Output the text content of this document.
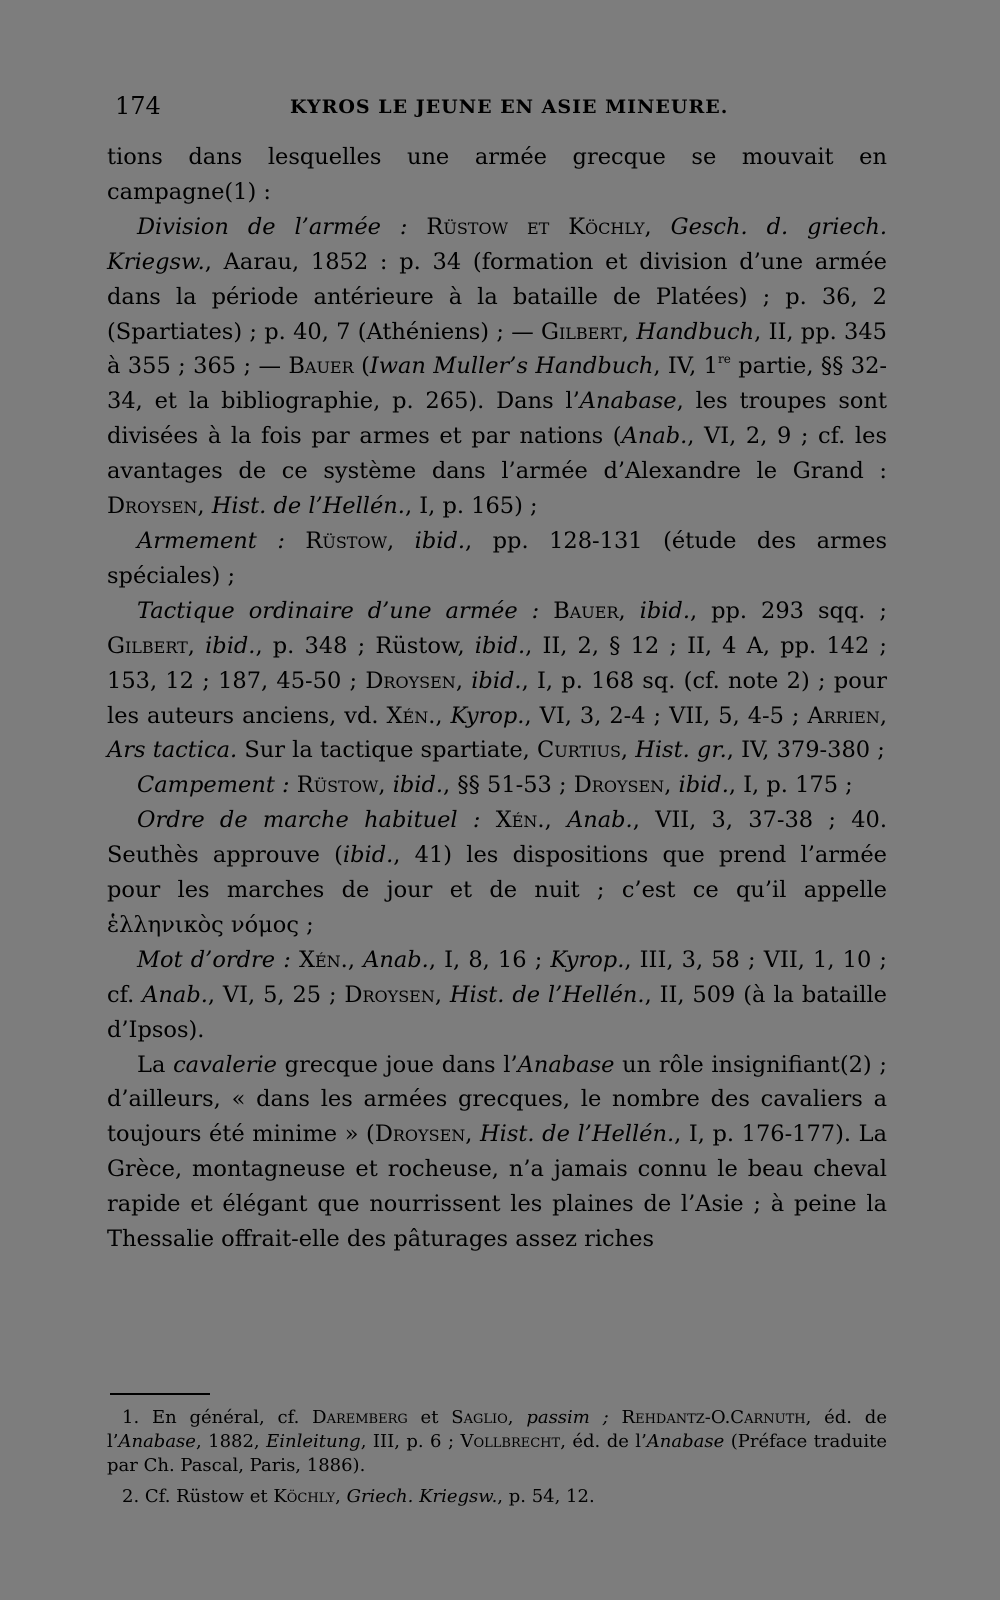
174	KYROS LE JEUNE EN ASIE MINEURE.

tions dans lesquelles une armée grecque se mouvait en campagne(1) :

Division de l’armée : Rüstow et Köchly, Gesch. d. griech. Kriegsw., Aarau, 1852 : p. 34 (formation et division d’une armée dans la période antérieure à la bataille de Platées) ; p. 36, 2 (Spartiates) ; p. 40, 7 (Athéniens) ; — Gilbert, Handbuch, II, pp. 345 à 355 ; 365 ; — Bauer (Iwan Muller’s Handbuch, IV, 1re partie, §§ 32-34, et la bibliographie, p. 265). Dans l’Anabase, les troupes sont divisées à la fois par armes et par nations (Anab., VI, 2, 9 ; cf. les avantages de ce système dans l’armée d’Alexandre le Grand : Droysen, Hist. de l’Hellén., I, p. 165) ;

Armement : Rüstow, ibid., pp. 128-131 (étude des armes spéciales) ;

Tactique ordinaire d’une armée : Bauer, ibid., pp. 293 sqq. ; Gilbert, ibid., p. 348 ; Rüstow, ibid., II, 2, § 12 ; II, 4 A, pp. 142 ; 153, 12 ; 187, 45-50 ; Droysen, ibid., I, p. 168 sq. (cf. note 2) ; pour les auteurs anciens, vd. Xén., Kyrop., VI, 3, 2-4 ; VII, 5, 4-5 ; Arrien, Ars tactica. Sur la tactique spartiate, Curtius, Hist. gr., IV, 379-380 ;

Campement : Rüstow, ibid., §§ 51-53 ; Droysen, ibid., I, p. 175 ;

Ordre de marche habituel : Xén., Anab., VII, 3, 37-38 ; 40. Seuthès approuve (ibid., 41) les dispositions que prend l’armée pour les marches de jour et de nuit ; c’est ce qu’il appelle ἑλληνικὸς νόμος ;

Mot d’ordre : Xén., Anab., I, 8, 16 ; Kyrop., III, 3, 58 ; VII, 1, 10 ; cf. Anab., VI, 5, 25 ; Droysen, Hist. de l’Hellén., II, 509 (à la bataille d’Ipsos).

La cavalerie grecque joue dans l’Anabase un rôle insignifiant(2) ; d’ailleurs, « dans les armées grecques, le nombre des cavaliers a toujours été minime » (Droysen, Hist. de l’Hellén., I, p. 176-177). La Grèce, montagneuse et rocheuse, n’a jamais connu le beau cheval rapide et élégant que nourrissent les plaines de l’Asie ; à peine la Thessalie offrait-elle des pâturages assez riches

1. En général, cf. Daremberg et Saglio, passim ; Rehdantz-O.Carnuth, éd. de l’Anabase, 1882, Einleitung, III, p. 6 ; Vollbrecht, éd. de l’Anabase (Préface traduite par Ch. Pascal, Paris, 1886).

2. Cf. Rüstow et Köchly, Griech. Kriegsw., p. 54, 12.
